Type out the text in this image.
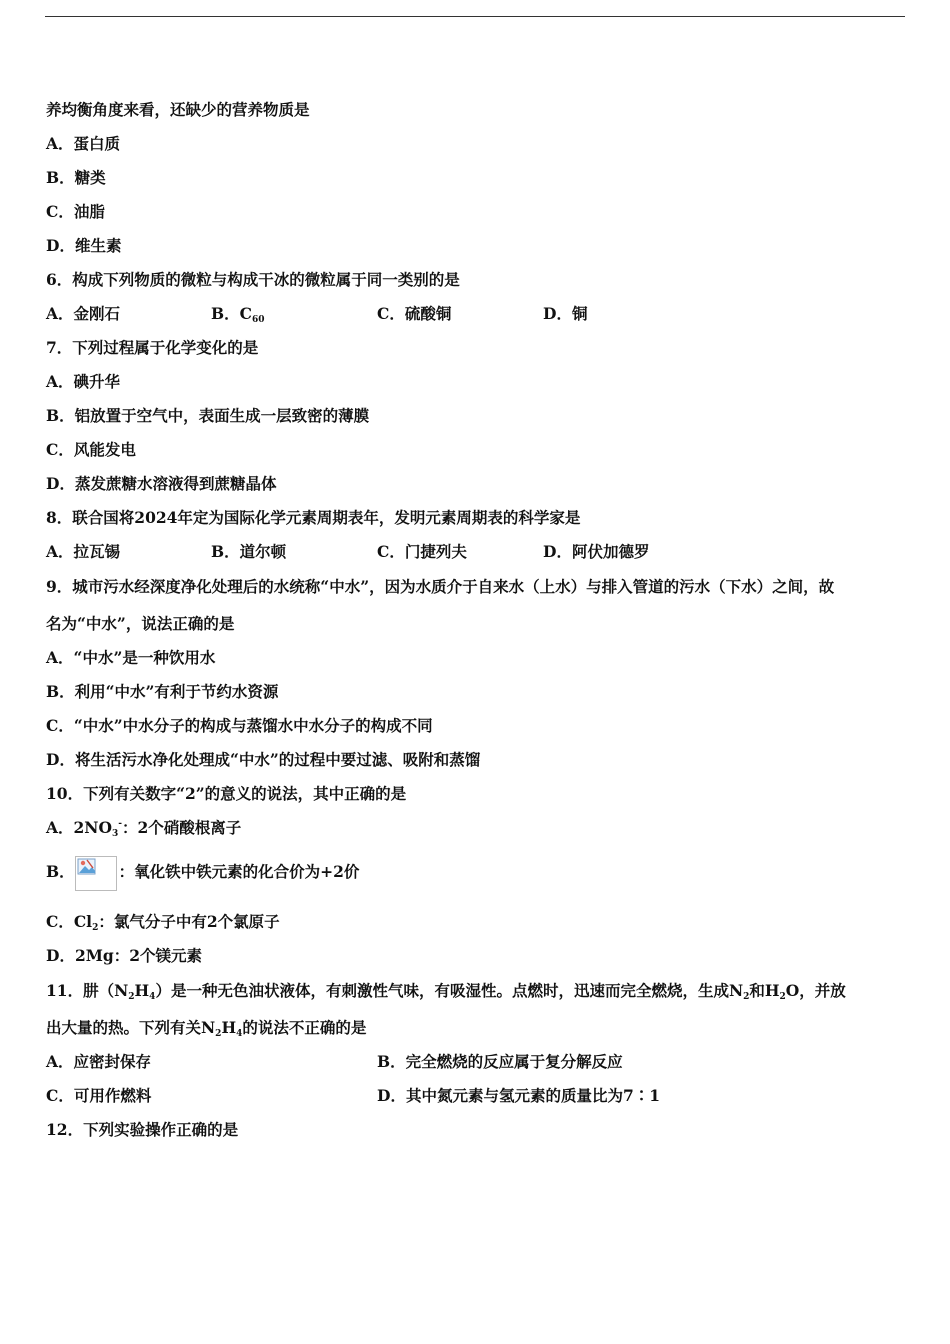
养均衡角度来看，还缺少的营养物质是
A．蛋白质
B．糖类
C．油脂
D．维生素
6．构成下列物质的微粒与构成干冰的微粒属于同一类别的是
A．金刚石	B．$C_{60}$	C．硫酸铜	D．铜
7．下列过程属于化学变化的是
A．碘升华
B．铝放置于空气中，表面生成一层致密的薄膜
C．风能发电
D．蒸发蔗糖水溶液得到蔗糖晶体
8．联合国将2024年定为国际化学元素周期表年，发明元素周期表的科学家是
A．拉瓦锡	B．道尔顿	C．门捷列夫	D．阿伏加德罗
9．城市污水经深度净化处理后的水统称“中水”，因为水质介于自来水（上水）与排入管道的污水（下水）之间，故
名为“中水”，说法正确的是
A．“中水”是一种饮用水
B．利用“中水”有利于节约水资源
C．“中水”中水分子的构成与蒸馏水中水分子的构成不同
D．将生活污水净化处理成“中水”的过程中要过滤、吸附和蒸馏
10．下列有关数字“2”的意义的说法，其中正确的是
A．$2NO_3^-$：2个硝酸根离子
B．	：氧化铁中铁元素的化合价为+2价
C．$Cl_2$：氯气分子中有2个氯原子
D．2Mg：2个镁元素
11．肼$(N_2H_4)$是一种无色油状液体，有刺激性气味，有吸湿性。点燃时，迅速而完全燃烧，生成$N_2$和$H_2O$，并放
出大量的热。下列有关$N_2H_4$的说法不正确的是
A．应密封保存	B．完全燃烧的反应属于复分解反应
C．可用作燃料	D．其中氮元素与氢元素的质量比为7∶1
12．下列实验操作正确的是
